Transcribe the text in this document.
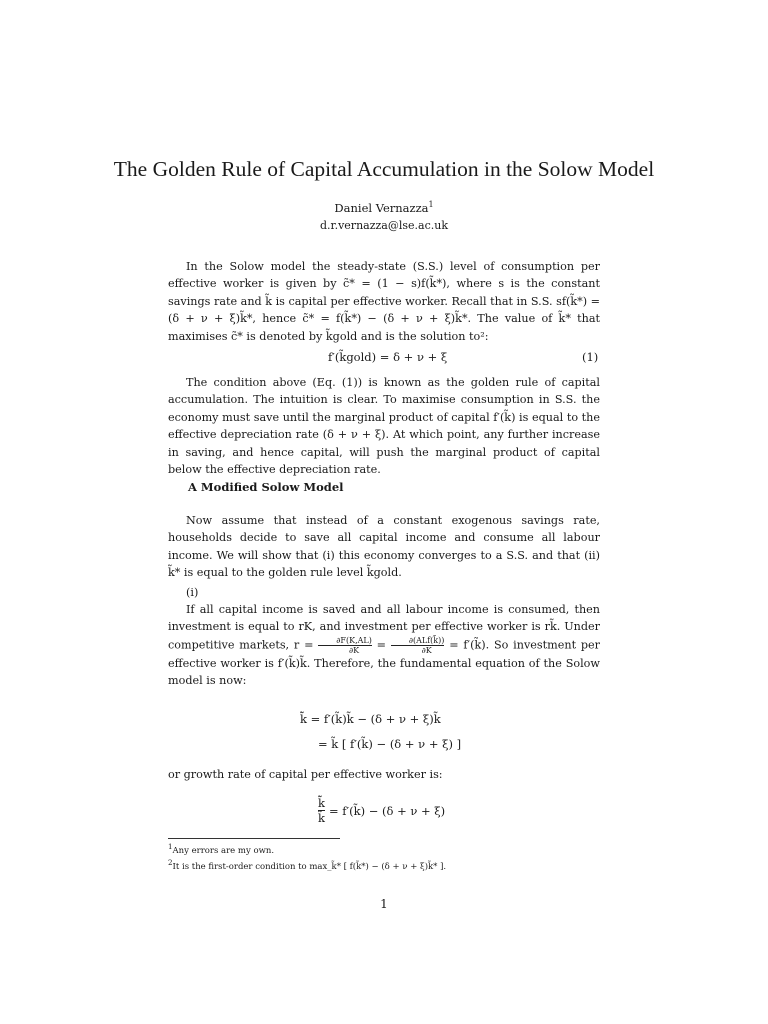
The Golden Rule of Capital Accumulation in the Solow Model
Daniel Vernazza$^1$
d.r.vernazza@lse.ac.uk

In the Solow model the steady-state (S.S.) level of consumption per effective worker is given by c̃* = (1 − s)f(k̃*), where s is the constant savings rate and k̃ is capital per effective worker. Recall that in S.S. sf(k̃*) = (δ + ν + ξ)k̃*, hence c̃* = f(k̃*) − (δ + ν + ξ)k̃*. The value of k̃* that maximises c̃* is denoted by k̃gold and is the solution to²:

f′(k̃gold) = δ + ν + ξ	(1)

The condition above (Eq. (1)) is known as the golden rule of capital accumulation. The intuition is clear. To maximise consumption in S.S. the economy must save until the marginal product of capital f′(k̃) is equal to the effective depreciation rate (δ + ν + ξ). At which point, any further increase in saving, and hence capital, will push the marginal product of capital below the effective depreciation rate.

A Modified Solow Model

Now assume that instead of a constant exogenous savings rate, households decide to save all capital income and consume all labour income. We will show that (i) this economy converges to a S.S. and that (ii) k̃* is equal to the golden rule level k̃gold.

(i)

If all capital income is saved and all labour income is consumed, then investment is equal to rK, and investment per effective worker is rk̃. Under competitive markets, $r = \frac{\partial F(K,AL)}{\partial K} = \frac{\text{∂(ALf(k̃))}}{\partial K}$ = f′(k̃). So investment per effective worker is f′(k̃)k̃. Therefore, the fundamental equation of the Solow model is now:

k̃̇ = f′(k̃)k̃ − (δ + ν + ξ)k̃
= k̃ [ f′(k̃) − (δ + ν + ξ) ]

or growth rate of capital per effective worker is:

$\frac{k̃̇}{k̃}$ = f′(k̃) − (δ + ν + ξ)
$^1$Any errors are my own.
$^2$It is the first-order condition to max_k̃* [ f(k̃*) − (δ + ν + ξ)k̃* ].
1
